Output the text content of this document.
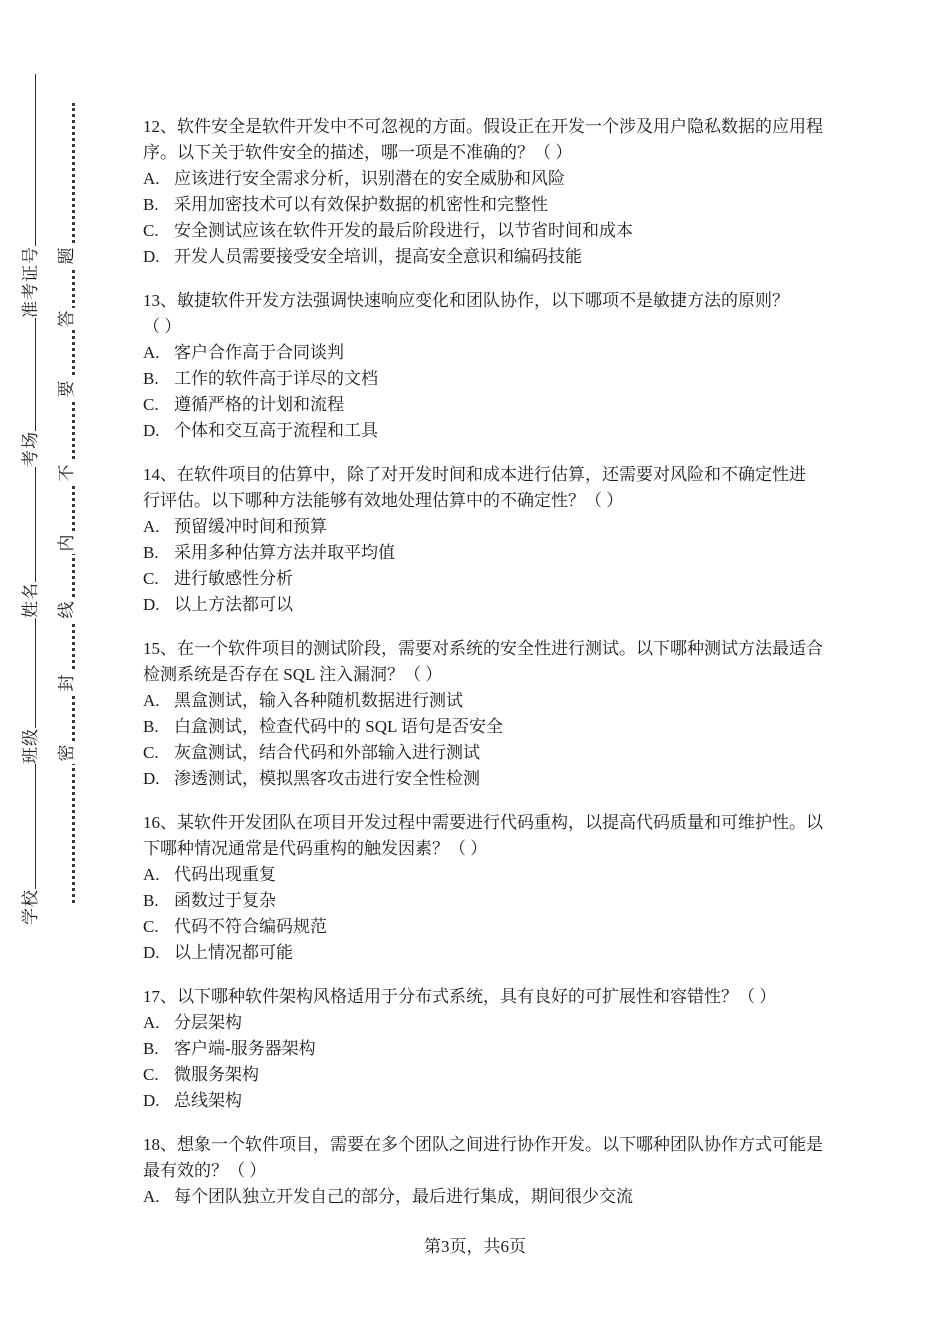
学校班级姓名考场准考证号
密
封
线
内
不
要
答
题
12、软件安全是软件开发中不可忽视的方面。假设正在开发一个涉及用户隐私数据的应用程
序。以下关于软件安全的描述，哪一项是不准确的？（ ）
A. 应该进行安全需求分析，识别潜在的安全威胁和风险
B. 采用加密技术可以有效保护数据的机密性和完整性
C. 安全测试应该在软件开发的最后阶段进行，以节省时间和成本
D. 开发人员需要接受安全培训，提高安全意识和编码技能
13、敏捷软件开发方法强调快速响应变化和团队协作，以下哪项不是敏捷方法的原则？
（ ）
A. 客户合作高于合同谈判
B. 工作的软件高于详尽的文档
C. 遵循严格的计划和流程
D. 个体和交互高于流程和工具
14、在软件项目的估算中，除了对开发时间和成本进行估算，还需要对风险和不确定性进
行评估。以下哪种方法能够有效地处理估算中的不确定性？（ ）
A. 预留缓冲时间和预算
B. 采用多种估算方法并取平均值
C. 进行敏感性分析
D. 以上方法都可以
15、在一个软件项目的测试阶段，需要对系统的安全性进行测试。以下哪种测试方法最适合
检测系统是否存在 SQL 注入漏洞？（ ）
A. 黑盒测试，输入各种随机数据进行测试
B. 白盒测试，检查代码中的 SQL 语句是否安全
C. 灰盒测试，结合代码和外部输入进行测试
D. 渗透测试，模拟黑客攻击进行安全性检测
16、某软件开发团队在项目开发过程中需要进行代码重构，以提高代码质量和可维护性。以
下哪种情况通常是代码重构的触发因素？（ ）
A. 代码出现重复
B. 函数过于复杂
C. 代码不符合编码规范
D. 以上情况都可能
17、以下哪种软件架构风格适用于分布式系统，具有良好的可扩展性和容错性？（ ）
A. 分层架构
B. 客户端-服务器架构
C. 微服务架构
D. 总线架构
18、想象一个软件项目，需要在多个团队之间进行协作开发。以下哪种团队协作方式可能是
最有效的？（ ）
A. 每个团队独立开发自己的部分，最后进行集成，期间很少交流
第3页，共6页
